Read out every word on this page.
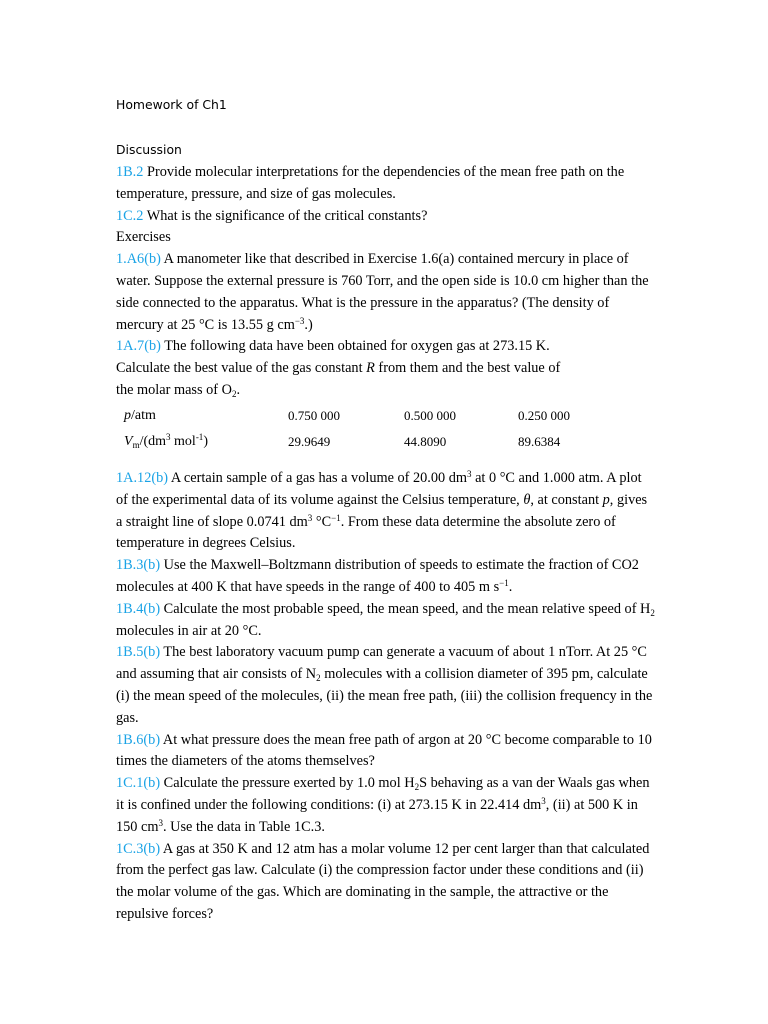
Homework of Ch1
Discussion

1B.2 Provide molecular interpretations for the dependencies of the mean free path on the temperature, pressure, and size of gas molecules.

1C.2 What is the significance of the critical constants?

Exercises

1.A6(b) A manometer like that described in Exercise 1.6(a) contained mercury in place of water. Suppose the external pressure is 760 Torr, and the open side is 10.0 cm higher than the side connected to the apparatus. What is the pressure in the apparatus? (The density of mercury at 25 °C is 13.55 g $cm^{-3}$.)

1A.7(b) The following data have been obtained for oxygen gas at 273.15 K.
Calculate the best value of the gas constant R from them and the best value of
the molar mass of $O_2$.

p/atm	0.750 000	0.500 000	0.250 000
$V_m/(dm^3$ mol$^{-1}$)	29.9649	44.8090	89.6384

1A.12(b) A certain sample of a gas has a volume of 20.00 $dm^3$ at 0 °C and 1.000 atm. A plot of the experimental data of its volume against the Celsius temperature, θ, at constant p, gives a straight line of slope 0.0741 $dm^3$ $^\circ C^{-1}$. From these data determine the absolute zero of temperature in degrees Celsius.

1B.3(b) Use the Maxwell–Boltzmann distribution of speeds to estimate the fraction of CO2 molecules at 400 K that have speeds in the range of 400 to 405 m $s^{-1}$.

1B.4(b) Calculate the most probable speed, the mean speed, and the mean relative speed of $H_2$ molecules in air at 20 °C.

1B.5(b) The best laboratory vacuum pump can generate a vacuum of about 1 nTorr. At 25 °C and assuming that air consists of $N_2$ molecules with a collision diameter of 395 pm, calculate (i) the mean speed of the molecules, (ii) the mean free path, (iii) the collision frequency in the gas.

1B.6(b) At what pressure does the mean free path of argon at 20 °C become comparable to 10 times the diameters of the atoms themselves?

1C.1(b) Calculate the pressure exerted by 1.0 mol $H_2S$ behaving as a van der Waals gas when it is confined under the following conditions: (i) at 273.15 K in 22.414 $dm^3$, (ii) at 500 K in 150 $cm^3$. Use the data in Table 1C.3.

1C.3(b) A gas at 350 K and 12 atm has a molar volume 12 per cent larger than that calculated from the perfect gas law. Calculate (i) the compression factor under these conditions and (ii) the molar volume of the gas. Which are dominating in the sample, the attractive or the repulsive forces?
